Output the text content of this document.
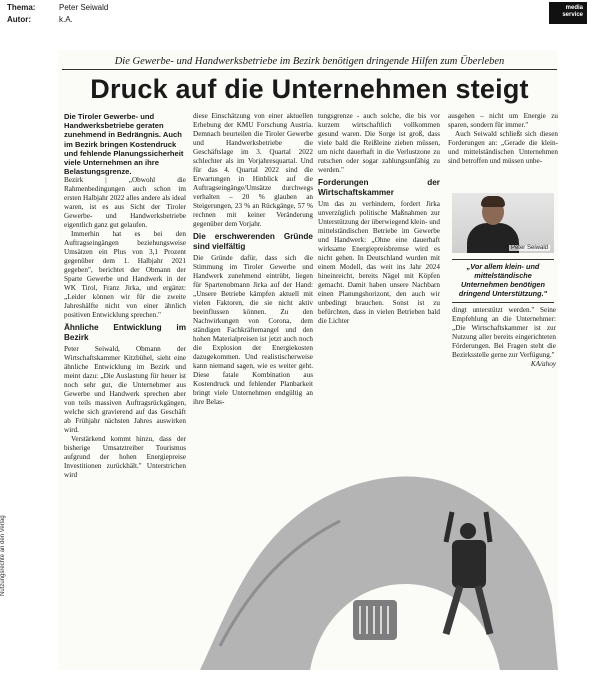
Thema:	Peter Seiwald
Autor:	k.A.
media
service
Die Gewerbe- und Handwerksbetriebe im Bezirk benötigen dringende Hilfen zum Überleben
Druck auf die Unternehmen steigt

Die Tiroler Gewerbe- und Handwerksbetriebe geraten zunehmend in Bedrängnis. Auch im Bezirk bringen Kostendruck und fehlende Planungssicherheit viele Unternehmen an ihre Belastungsgrenze.

Bezirk | „Obwohl die Rahmenbedingungen auch schon im ersten Halbjahr 2022 alles andere als ideal waren, ist es aus Sicht der Tiroler Gewerbe- und Handwerksbetriebe eigentlich ganz gut gelaufen.

Immerhin hat es bei den Auftragseingängen beziehungsweise Umsätzen ein Plus von 3,1 Prozent gegenüber dem 1. Halbjahr 2021 gegeben", berichtet der Obmann der Sparte Gewerbe und Handwerk in der WK Tirol, Franz Jirka, und ergänzt: „Leider können wir für die zweite Jahreshälfte nicht von einer ähnlich positiven Entwicklung sprechen."

Ähnliche Entwicklung im Bezirk

Peter Seiwald, Obmann der Wirtschaftskammer Kitzbühel, sieht eine ähnliche Entwicklung im Bezirk und meint dazu: „Die Auslastung für heuer ist noch sehr gut, die Unternehmer aus Gewerbe und Handwerk sprechen aber von teils massiven Auftragsrückgängen, welche sich gravierend auf das Geschäft ab Frühjahr nächsten Jahres auswirken wird.

Verstärkend kommt hinzu, dass der bisherige Umsatztreiber Tourismus aufgrund der hohen Energiepreise Investitionen zurückhält." Unterstrichen wird

diese Einschätzung von einer aktuellen Erhebung der KMU Forschung Austria. Demnach beurteilen die Tiroler Gewerbe und Handwerksbetriebe die Geschäftslage im 3. Quartal 2022 schlechter als im Vorjahresquartal. Und für das 4. Quartal 2022 sind die Erwartungen in Hinblick auf die Auftragseingänge/Umsätze durchwegs verhalten – 20 % glauben an Steigerungen, 23 % an Rückgänge, 57 % rechnen mit keiner Veränderung gegenüber dem Vorjahr.

Die erschwerenden Gründe sind vielfältig

Die Gründe dafür, dass sich die Stimmung im Tiroler Gewerbe und Handwerk zunehmend eintrübt, liegen für Spartenobmann Jirka auf der Hand: „Unsere Betriebe kämpfen aktuell mit vielen Faktoren, die sie nicht aktiv beeinflussen können. Zu den Nachwirkungen von Corona, dem ständigen Fachkräftemangel und den hohen Materialpreisen ist jetzt auch noch die Explosion der Energiekosten dazugekommen. Und realistischerweise kann niemand sagen, wie es weiter geht. Diese fatale Kombination aus Kostendruck und fehlender Planbarkeit bringt viele Unternehmen endgültig an ihre Belas-

tungsgrenze - auch solche, die bis vor kurzem wirtschaftlich vollkommen gesund waren. Die Sorge ist groß, dass viele bald die Reißleine ziehen müssen, um nicht dauerhaft in die Verlustzone zu rutschen oder sogar zahlungsunfähig zu werden."

Forderungen der Wirtschaftskammer

Um das zu verhindern, fordert Jirka unverzüglich politische Maßnahmen zur Unterstützung der überwiegend klein- und mittelständischen Betriebe im Gewerbe und Handwerk: „Ohne eine dauerhaft wirksame Energiepreisbremse wird es nicht gehen. In Deutschland wurden mit einem Modell, das weit ins Jahr 2024 hineinreicht, bereits Nägel mit Köpfen gemacht. Damit haben unsere Nachbarn einen Planungshorizont, den auch wir unbedingt brauchen. Sonst ist zu befürchten, dass in vielen Betrieben bald die Lichter

ausgehen – nicht um Energie zu sparen, sondern für immer."

Auch Seiwald schließt sich diesen Forderungen an: „Gerade die klein- und mittelständischen Unternehmen sind betroffen und müssen unbe-

Peter Seiwald
„Vor allem klein- und mittelständische Unternehmen benötigen dringend Unterstützung."

dingt unterstützt werden." Seine Empfehlung an die Unternehmer: „Die Wirtschaftskammer ist zur Nutzung aller bereits eingerichteten Förderungen. Bei Fragen steht die Bezirksstelle gerne zur Verfügung."

KA/ahoy

Nutzungsrechte an den Verlag
